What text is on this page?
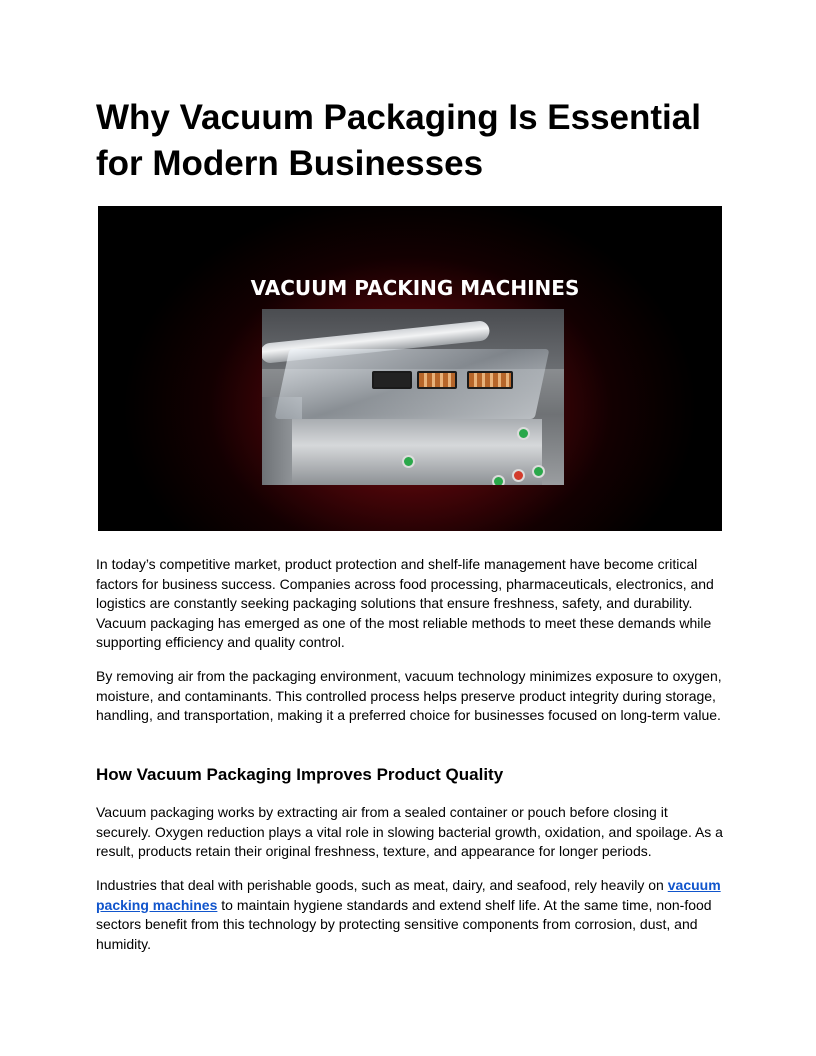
Why Vacuum Packaging Is Essential for Modern Businesses
VACUUM PACKING MACHINES

In today’s competitive market, product protection and shelf-life management have become critical factors for business success. Companies across food processing, pharmaceuticals, electronics, and logistics are constantly seeking packaging solutions that ensure freshness, safety, and durability. Vacuum packaging has emerged as one of the most reliable methods to meet these demands while supporting efficiency and quality control.

By removing air from the packaging environment, vacuum technology minimizes exposure to oxygen, moisture, and contaminants. This controlled process helps preserve product integrity during storage, handling, and transportation, making it a preferred choice for businesses focused on long-term value.

How Vacuum Packaging Improves Product Quality

Vacuum packaging works by extracting air from a sealed container or pouch before closing it securely. Oxygen reduction plays a vital role in slowing bacterial growth, oxidation, and spoilage. As a result, products retain their original freshness, texture, and appearance for longer periods.

Industries that deal with perishable goods, such as meat, dairy, and seafood, rely heavily on vacuum packing machines to maintain hygiene standards and extend shelf life. At the same time, non-food sectors benefit from this technology by protecting sensitive components from corrosion, dust, and humidity.
